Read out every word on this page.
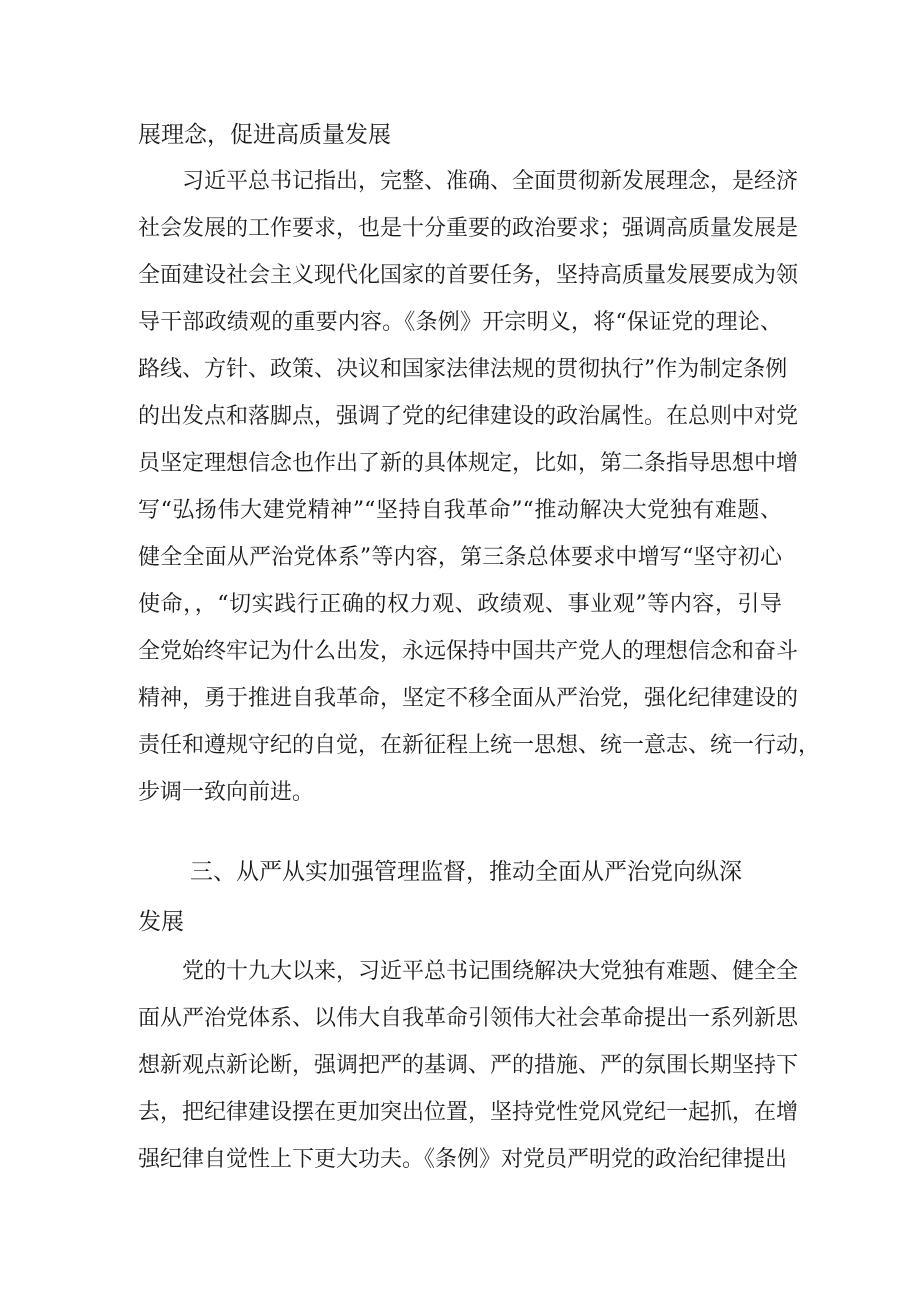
展理念，促进高质量发展
习近平总书记指出，完整、准确、全面贯彻新发展理念，是经济
社会发展的工作要求，也是十分重要的政治要求；强调高质量发展是
全面建设社会主义现代化国家的首要任务，坚持高质量发展要成为领
导干部政绩观的重要内容。《条例》开宗明义，将“保证党的理论、
路线、方针、政策、决议和国家法律法规的贯彻执行”作为制定条例
的出发点和落脚点，强调了党的纪律建设的政治属性。在总则中对党
员坚定理想信念也作出了新的具体规定，比如，第二条指导思想中增
写“弘扬伟大建党精神”“坚持自我革命”“推动解决大党独有难题、
健全全面从严治党体系”等内容，第三条总体要求中增写“坚守初心
使命，，“切实践行正确的权力观、政绩观、事业观”等内容，引导
全党始终牢记为什么出发，永远保持中国共产党人的理想信念和奋斗
精神，勇于推进自我革命，坚定不移全面从严治党，强化纪律建设的
责任和遵规守纪的自觉，在新征程上统一思想、统一意志、统一行动，
步调一致向前进。
三、从严从实加强管理监督，推动全面从严治党向纵深
发展
党的十九大以来，习近平总书记围绕解决大党独有难题、健全全
面从严治党体系、以伟大自我革命引领伟大社会革命提出一系列新思
想新观点新论断，强调把严的基调、严的措施、严的氛围长期坚持下
去，把纪律建设摆在更加突出位置，坚持党性党风党纪一起抓，在增
强纪律自觉性上下更大功夫。《条例》对党员严明党的政治纪律提出
